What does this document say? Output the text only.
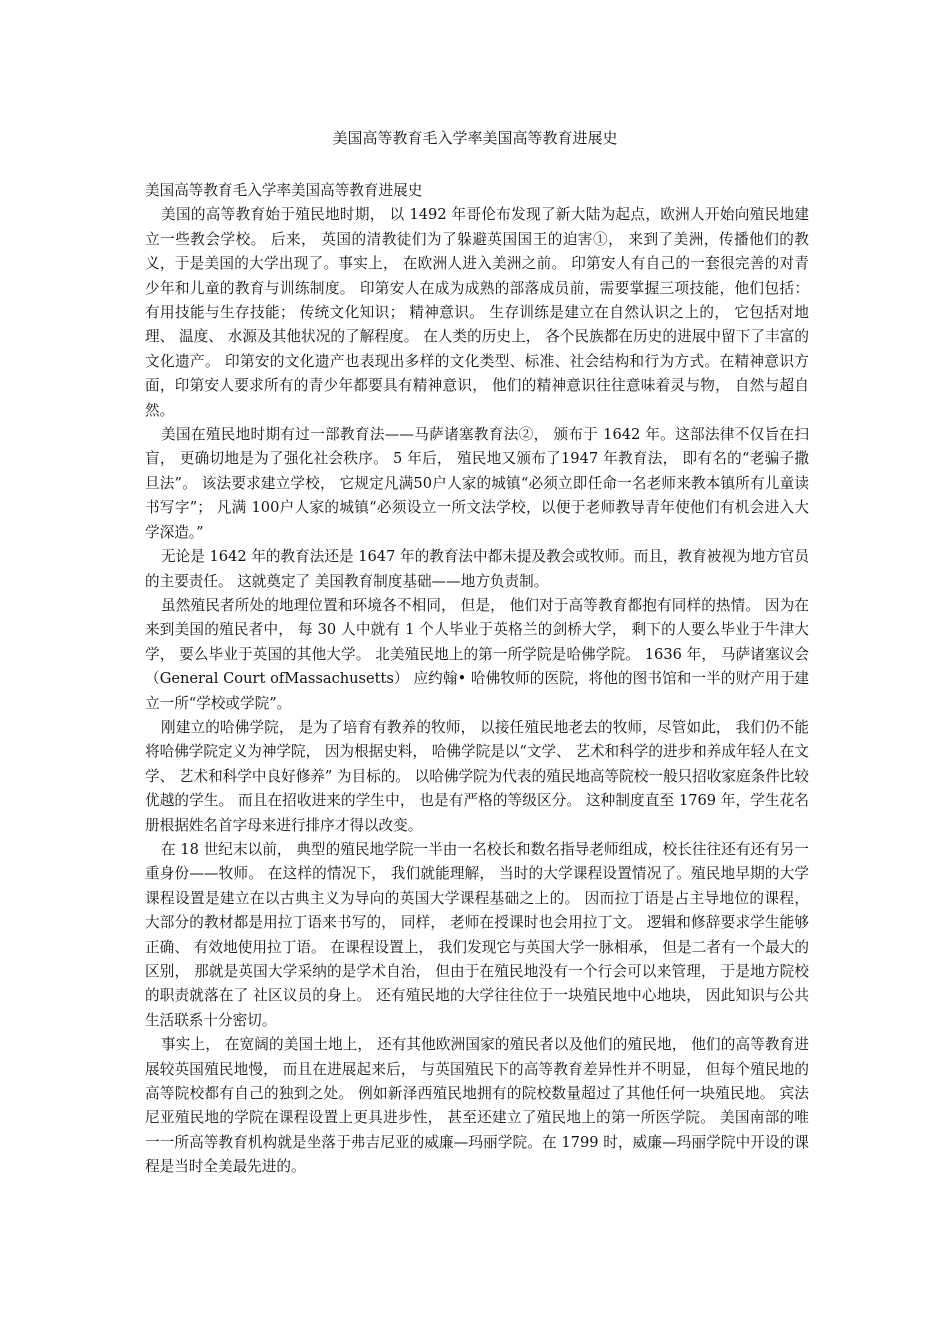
美国高等教育毛入学率美国高等教育进展史
美国高等教育毛入学率美国高等教育进展史

美国的高等教育始于殖民地时期， 以 1492 年哥伦布发现了新大陆为起点，欧洲人开始向殖民地建立一些教会学校。 后来， 英国的清教徒们为了躲避英国国王的迫害①， 来到了美洲，传播他们的教义，于是美国的大学出现了。事实上， 在欧洲人进入美洲之前。 印第安人有自己的一套很完善的对青少年和儿童的教育与训练制度。 印第安人在成为成熟的部落成员前，需要掌握三项技能，他们包括： 有用技能与生存技能； 传统文化知识； 精神意识。 生存训练是建立在自然认识之上的， 它包括对地理、 温度、 水源及其他状况的了解程度。 在人类的历史上， 各个民族都在历史的进展中留下了丰富的文化遗产。 印第安的文化遗产也表现出多样的文化类型、标准、社会结构和行为方式。在精神意识方面，印第安人要求所有的青少年都要具有精神意识， 他们的精神意识往往意味着灵与物， 自然与超自然。

美国在殖民地时期有过一部教育法——马萨诸塞教育法②， 颁布于 1642 年。这部法律不仅旨在扫盲， 更确切地是为了强化社会秩序。 5 年后， 殖民地又颁布了1947 年教育法， 即有名的“老骗子撒旦法”。 该法要求建立学校， 它规定凡满50户人家的城镇“必须立即任命一名老师来教本镇所有儿童读书写字”； 凡满 100户人家的城镇“必须设立一所文法学校，以便于老师教导青年使他们有机会进入大学深造。”

无论是 1642 年的教育法还是 1647 年的教育法中都未提及教会或牧师。而且，教育被视为地方官员的主要责任。 这就奠定了 美国教育制度基础——地方负责制。

虽然殖民者所处的地理位置和环境各不相同， 但是， 他们对于高等教育都抱有同样的热情。 因为在来到美国的殖民者中， 每 30 人中就有 1 个人毕业于英格兰的剑桥大学， 剩下的人要么毕业于牛津大学， 要么毕业于英国的其他大学。 北美殖民地上的第一所学院是哈佛学院。 1636 年， 马萨诸塞议会（General Court ofMassachusetts） 应约翰• 哈佛牧师的医院，将他的图书馆和一半的财产用于建立一所“学校或学院”。

刚建立的哈佛学院， 是为了培育有教养的牧师， 以接任殖民地老去的牧师，尽管如此， 我们仍不能将哈佛学院定义为神学院， 因为根据史料， 哈佛学院是以“文学、 艺术和科学的进步和养成年轻人在文学、 艺术和科学中良好修养” 为目标的。 以哈佛学院为代表的殖民地高等院校一般只招收家庭条件比较优越的学生。 而且在招收进来的学生中， 也是有严格的等级区分。 这种制度直至 1769 年，学生花名册根据姓名首字母来进行排序才得以改变。

在 18 世纪末以前， 典型的殖民地学院一半由一名校长和数名指导老师组成，校长往往还有还有另一重身份——牧师。 在这样的情况下， 我们就能理解， 当时的大学课程设置情况了。殖民地早期的大学课程设置是建立在以古典主义为导向的英国大学课程基础之上的。 因而拉丁语是占主导地位的课程， 大部分的教材都是用拉丁语来书写的， 同样， 老师在授课时也会用拉丁文。 逻辑和修辞要求学生能够正确、 有效地使用拉丁语。 在课程设置上， 我们发现它与英国大学一脉相承， 但是二者有一个最大的区别， 那就是英国大学采纳的是学术自治， 但由于在殖民地没有一个行会可以来管理， 于是地方院校的职责就落在了 社区议员的身上。 还有殖民地的大学往往位于一块殖民地中心地块， 因此知识与公共生活联系十分密切。

事实上， 在宽阔的美国土地上， 还有其他欧洲国家的殖民者以及他们的殖民地， 他们的高等教育进展较英国殖民地慢， 而且在进展起来后， 与英国殖民下的高等教育差异性并不明显， 但每个殖民地的高等院校都有自己的独到之处。 例如新泽西殖民地拥有的院校数量超过了其他任何一块殖民地。 宾法尼亚殖民地的学院在课程设置上更具进步性， 甚至还建立了殖民地上的第一所医学院。 美国南部的唯一一所高等教育机构就是坐落于弗吉尼亚的威廉—玛丽学院。在 1799 时，威廉—玛丽学院中开设的课程是当时全美最先进的。
